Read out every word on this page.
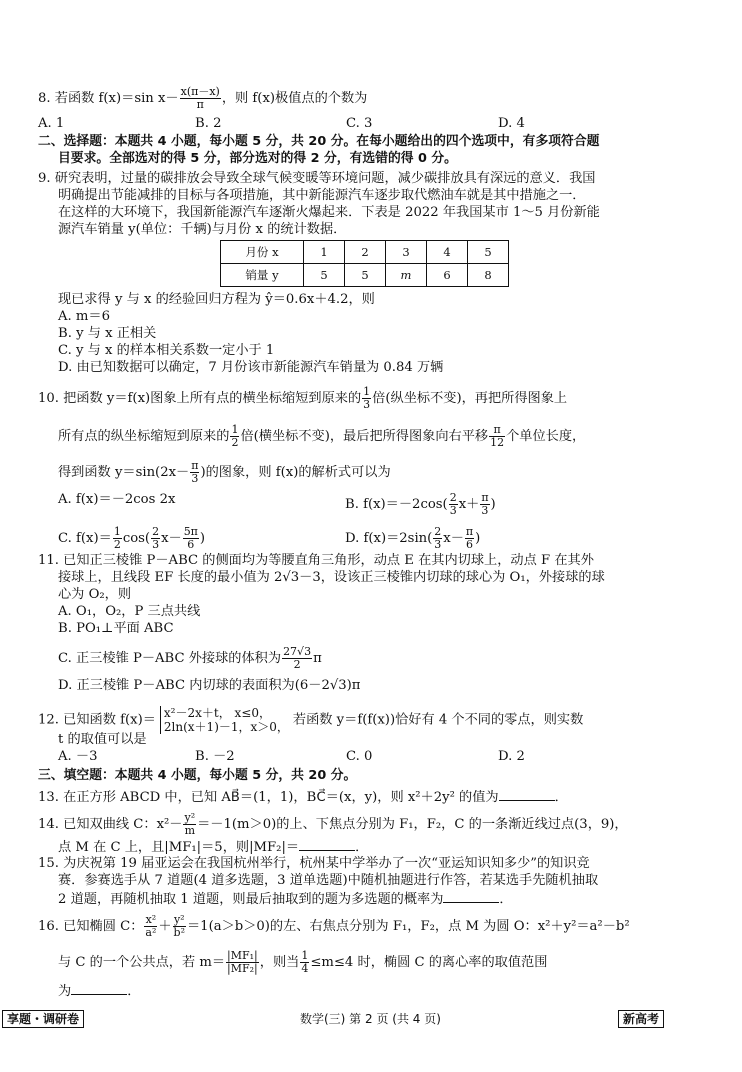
8. 若函数 f(x)＝sin $x- \frac{x(\pi-x)}{\pi}$ ，则 f(x)极值点的个数为
A. 1	B. 2	C. 3	D. 4
二、选择题：本题共 4 小题，每小题 5 分，共 20 分。在每小题给出的四个选项中，有多项符合题
目要求。全部选对的得 5 分，部分选对的得 2 分，有选错的得 0 分。
9. 研究表明，过量的碳排放会导致全球气候变暖等环境问题，减少碳排放具有深远的意义．我国
明确提出节能减排的目标与各项措施，其中新能源汽车逐步取代燃油车就是其中措施之一．
在这样的大环境下，我国新能源汽车逐渐火爆起来．下表是 2022 年我国某市 1～5 月份新能
源汽车销量 y(单位：千辆)与月份 x 的统计数据．
月份 x	1	2	3	4	5
销量 y	5	5	m	6	8
现已求得 y 与 x 的经验回归方程为 ŷ＝0.6x＋4.2，则
A. m＝6
B. y 与 x 正相关
C. y 与 x 的样本相关系数一定小于 1
D. 由已知数据可以确定，7 月份该市新能源汽车销量为 0.84 万辆
10. 把函数 y＝f(x)图象上所有点的横坐标缩短到原来的 $\frac{1}{3}$ 倍(纵坐标不变)，再把所得图象上
所有点的纵坐标缩短到原来的 $\frac{1}{2}$ 倍(横坐标不变)，最后把所得图象向右平移 $\frac{\pi}{12}$ 个单位长度，
得到函数 $y=\sin(2x- \frac{\pi}{3}$ )的图象，则 f(x)的解析式可以为
A. f(x)＝－2cos 2x	B. $f(x)=-2\cos( \frac{2}{3} x+ \frac{\pi}{3}$ )
C. $f(x)= \frac{1}{2} \cos( \frac{2}{3} x- \frac{5\pi}{6}$ )	D. $f(x)=2\sin( \frac{2}{3} x- \frac{\pi}{6}$ )
11. 已知正三棱锥 P－ABC 的侧面均为等腰直角三角形，动点 E 在其内切球上，动点 F 在其外
接球上，且线段 EF 长度的最小值为 2√3－3，设该正三棱锥内切球的球心为 O₁，外接球的球
心为 O₂，则
A. O₁，O₂，P 三点共线
B. PO₁⊥平面 ABC
C. 正三棱锥 P－ABC 外接球的体积为 $\frac{27√3}{2}$ π
D. 正三棱锥 P－ABC 内切球的表面积为(6－2√3)π
12. 已知函数 f(x)＝ x²－2x＋t， x≤0，
2ln(x＋1)－1，x＞0， 若函数 y＝f(f(x))恰好有 4 个不同的零点，则实数
t 的取值可以是
A. －3	B. －2	C. 0	D. 2
三、填空题：本题共 4 小题，每小题 5 分，共 20 分。
13. 在正方形 ABCD 中，已知 AB⃗＝(1，1)，BC⃗＝(x，y)，则 x²＋2y² 的值为	．
14. 已知双曲线 C：$x^2- \frac{\text{y²}}{m} =-1(m>0)$的上、下焦点分别为 F₁，F₂，C 的一条渐近线过点(3，9)，
点 M 在 C 上，且|MF₁|＝5，则|MF₂|＝	．
15. 为庆祝第 19 届亚运会在我国杭州举行，杭州某中学举办了一次“亚运知识知多少”的知识竞
赛．参赛选手从 7 道题(4 道多选题，3 道单选题)中随机抽题进行作答，若某选手先随机抽取
2 道题，再随机抽取 1 道题，则最后抽取到的题为多选题的概率为	．
16. 已知椭圆 C： $\frac{\text{x²}}{\text{a²}} + \frac{\text{y²}}{\text{b²}} =1(a>b>0)$的左、右焦点分别为 F₁，F₂，点 M 为圆 O：x²＋y²＝a²－b²
与 C 的一个公共点，若 $m= \frac{\text{|MF₁|}}{\text{|MF₂|}}$ ，则当 $\frac{1}{4} \le m\le 4$ 时，椭圆 C 的离心率的取值范围
为	．
享题・调研卷	数学(三) 第 2 页 (共 4 页)	新高考
